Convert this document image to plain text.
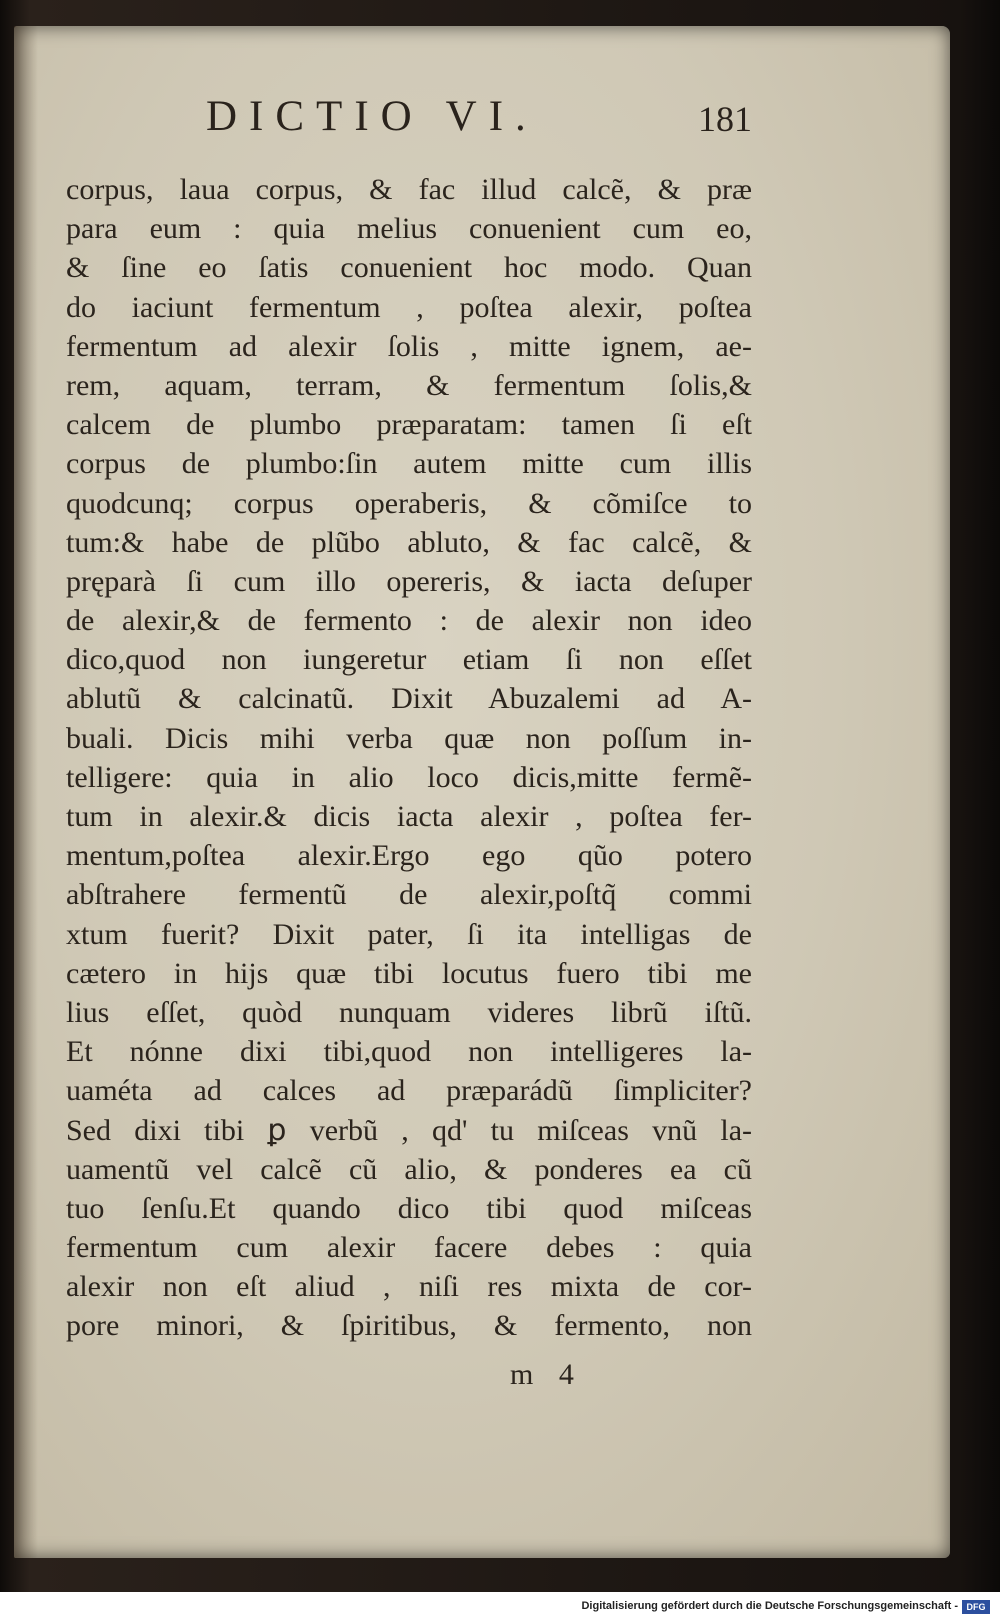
DICTIO VI.	181
corpus, laua corpus, & fac illud calcẽ, & præ
para eum : quia melius conuenient cum eo,
& ſine eo ſatis conuenient hoc modo. Quan
do iaciunt fermentum , poſtea alexir, poſtea
fermentum ad alexir ſolis , mitte ignem, ae-
rem, aquam, terram, & fermentum ſolis,&
calcem de plumbo præparatam: tamen ſi eſt
corpus de plumbo:ſin autem mitte cum illis
quodcunq; corpus operaberis, & cõmiſce to
tum:& habe de plũbo abluto, & fac calcẽ, &
pręparà ſi cum illo opereris, & iacta deſuper
de alexir,& de fermento : de alexir non ideo
dico,quod non iungeretur etiam ſi non eſſet
ablutũ & calcinatũ. Dixit Abuzalemi ad A-
buali. Dicis mihi verba quæ non poſſum in-
telligere: quia in alio loco dicis,mitte fermẽ-
tum in alexir.& dicis iacta alexir , poſtea fer-
mentum,poſtea alexir.Ergo ego qũo potero
abſtrahere fermentũ de alexir,poſtq̃ commi
xtum fuerit? Dixit pater, ſi ita intelligas de
cætero in hijs quæ tibi locutus fuero tibi me
lius eſſet, quòd nunquam videres librũ iſtũ.
Et nónne dixi tibi,quod non intelligeres la-
uaméta ad calces ad præparádũ ſimpliciter?
Sed dixi tibi ꝑ verbũ , qd' tu miſceas vnũ la-
uamentũ vel calcẽ cũ alio, & ponderes ea cũ
tuo ſenſu.Et quando dico tibi quod miſceas
fermentum cum alexir facere debes : quia
alexir non eſt aliud , niſi res mixta de cor-
pore minori, & ſpiritibus, & fermento, non
m 4
Digitalisierung gefördert durch die Deutsche Forschungsgemeinschaft - DFG
